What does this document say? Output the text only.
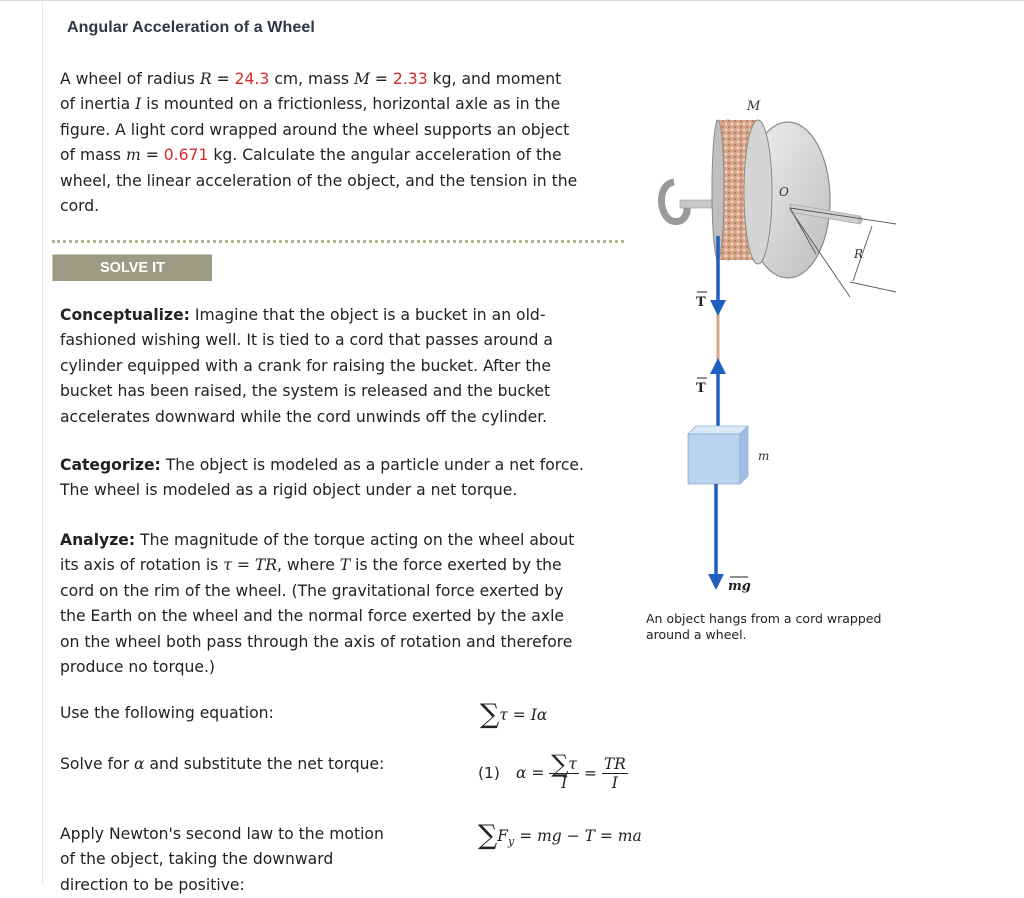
Angular Acceleration of a Wheel
A wheel of radius R = 24.3 cm, mass M = 2.33 kg, and moment
of inertia I is mounted on a frictionless, horizontal axle as in the
figure. A light cord wrapped around the wheel supports an object
of mass m = 0.671 kg. Calculate the angular acceleration of the
wheel, the linear acceleration of the object, and the tension in the
cord.
SOLVE IT
Conceptualize: Imagine that the object is a bucket in an old-
fashioned wishing well. It is tied to a cord that passes around a
cylinder equipped with a crank for raising the bucket. After the
bucket has been raised, the system is released and the bucket
accelerates downward while the cord unwinds off the cylinder.
Categorize: The object is modeled as a particle under a net force.
The wheel is modeled as a rigid object under a net torque.
Analyze: The magnitude of the torque acting on the wheel about
its axis of rotation is τ = TR, where T is the force exerted by the
cord on the rim of the wheel. (The gravitational force exerted by
the Earth on the wheel and the normal force exerted by the axle
on the wheel both pass through the axis of rotation and therefore
produce no torque.)
Use the following equation:	∑τ = Iα
Solve for α and substitute the net torque:	(1) $\alpha = \frac{\sum\tau}{I} = \frac{TR}{I}$
Apply Newton's second law to the motion
of the object, taking the downward
direction to be positive:
$\sum F_y$ = mg − T = ma
M
O
R
T
T
m
mg
An object hangs from a cord wrapped around a wheel.
